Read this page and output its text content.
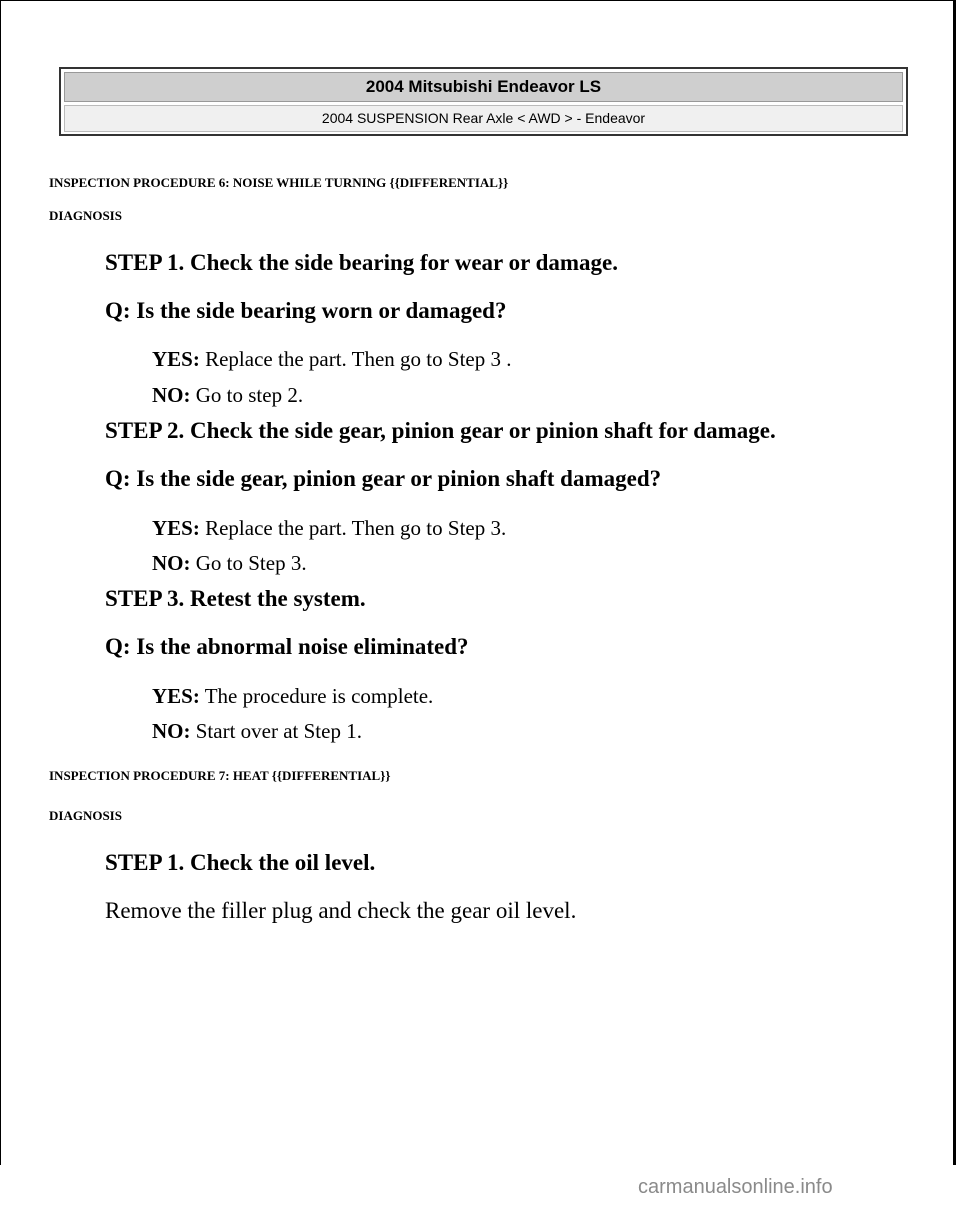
2004 Mitsubishi Endeavor LS
2004 SUSPENSION Rear Axle < AWD > - Endeavor
INSPECTION PROCEDURE 6: NOISE WHILE TURNING {{DIFFERENTIAL}}
DIAGNOSIS
STEP 1. Check the side bearing for wear or damage.
Q: Is the side bearing worn or damaged?
YES: Replace the part. Then go to Step 3 .
NO: Go to step 2.
STEP 2. Check the side gear, pinion gear or pinion shaft for damage.
Q: Is the side gear, pinion gear or pinion shaft damaged?
YES: Replace the part. Then go to Step 3.
NO: Go to Step 3.
STEP 3. Retest the system.
Q: Is the abnormal noise eliminated?
YES: The procedure is complete.
NO: Start over at Step 1.
INSPECTION PROCEDURE 7: HEAT {{DIFFERENTIAL}}
DIAGNOSIS
STEP 1. Check the oil level.
Remove the filler plug and check the gear oil level.
carmanualsonline.info
